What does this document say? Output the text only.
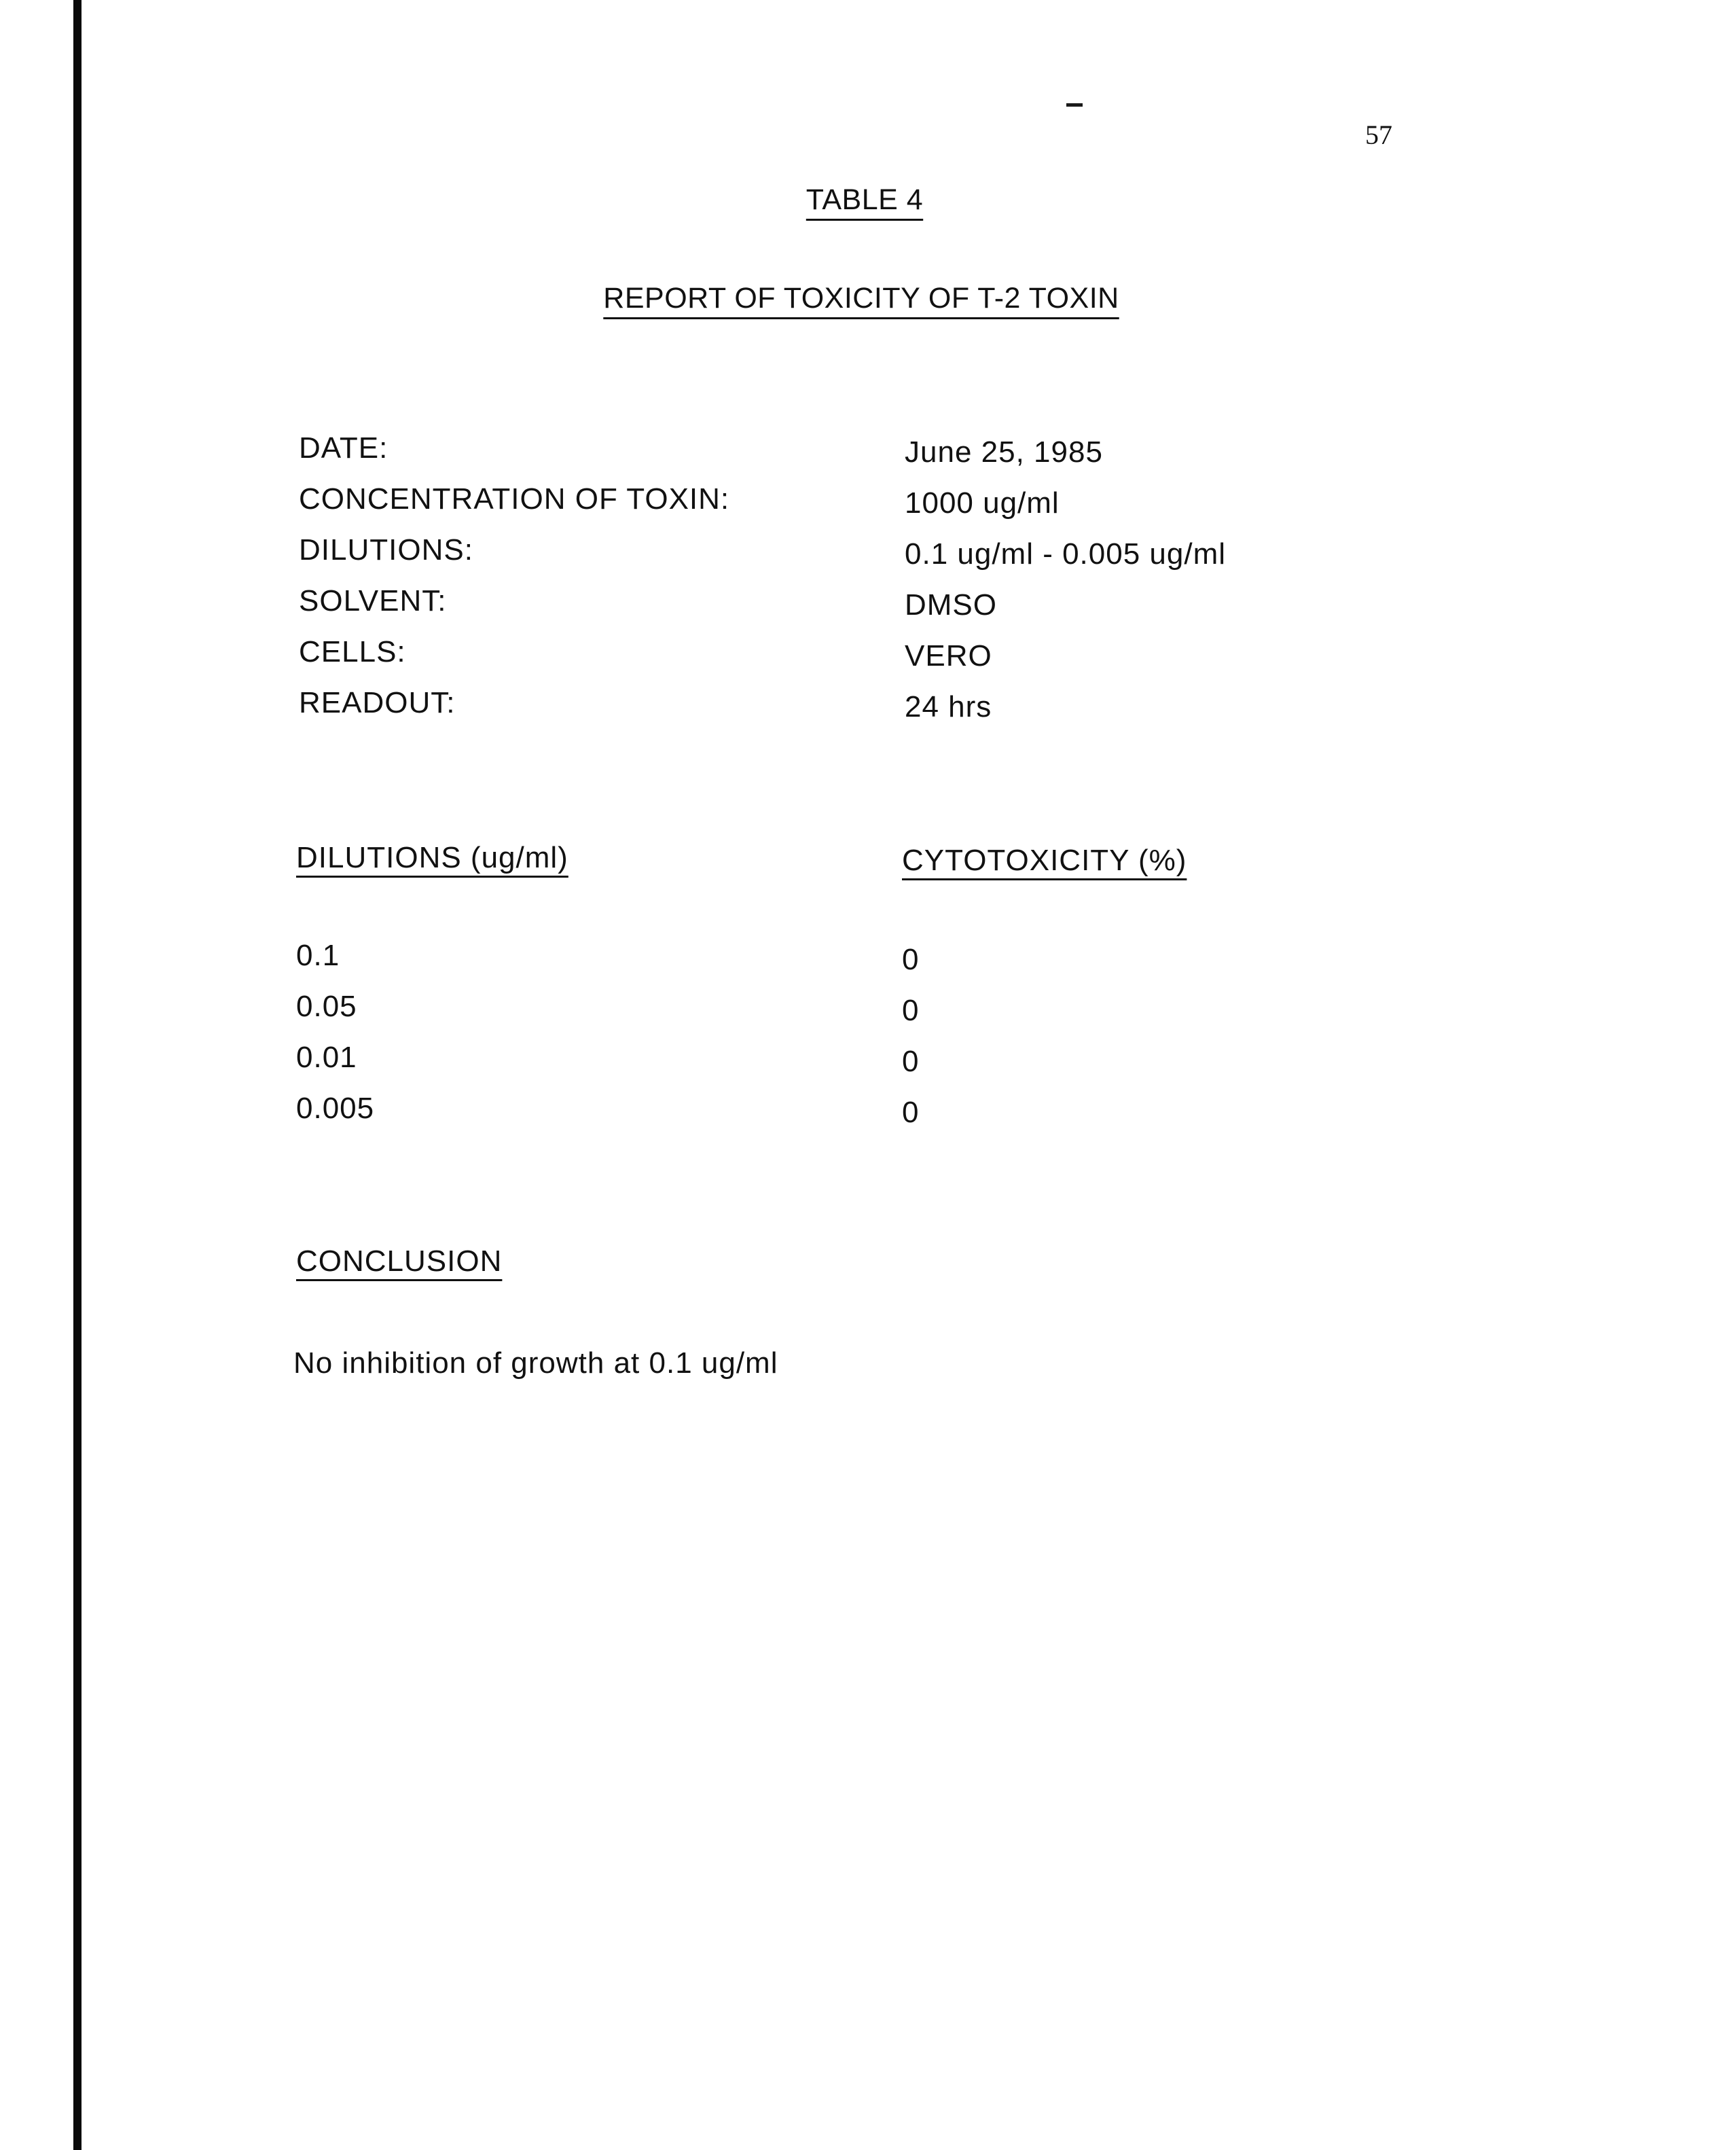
57
TABLE 4
REPORT OF TOXICITY OF T-2 TOXIN
DATE:	June 25, 1985
CONCENTRATION OF TOXIN:	1000 ug/ml
DILUTIONS:	0.1 ug/ml - 0.005 ug/ml
SOLVENT:	DMSO
CELLS:	VERO
READOUT:	24 hrs
DILUTIONS (ug/ml)	CYTOTOXICITY (%)
0.1	0
0.05	0
0.01	0
0.005	0
CONCLUSION
No inhibition of growth at 0.1 ug/ml
